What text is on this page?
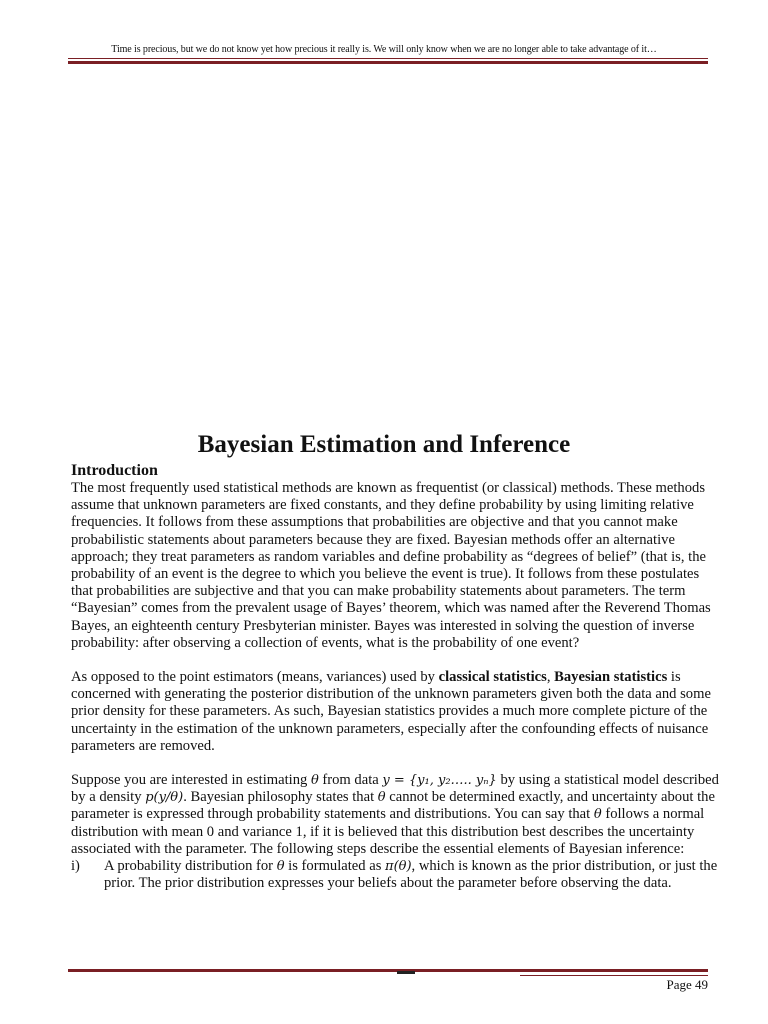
Time is precious, but we do not know yet how precious it really is. We will only know when we are no longer able to take advantage of it…
Bayesian Estimation and Inference

Introduction

The most frequently used statistical methods are known as frequentist (or classical) methods. These methods assume that unknown parameters are fixed constants, and they define probability by using limiting relative frequencies. It follows from these assumptions that probabilities are objective and that you cannot make probabilistic statements about parameters because they are fixed. Bayesian methods offer an alternative approach; they treat parameters as random variables and define probability as “degrees of belief” (that is, the probability of an event is the degree to which you believe the event is true). It follows from these postulates that probabilities are subjective and that you can make probability statements about parameters. The term “Bayesian” comes from the prevalent usage of Bayes’ theorem, which was named after the Reverend Thomas Bayes, an eighteenth century Presbyterian minister. Bayes was interested in solving the question of inverse probability: after observing a collection of events, what is the probability of one event?

As opposed to the point estimators (means, variances) used by classical statistics, Bayesian statistics is concerned with generating the posterior distribution of the unknown parameters given both the data and some prior density for these parameters. As such, Bayesian statistics provides a much more complete picture of the uncertainty in the estimation of the unknown parameters, especially after the confounding effects of nuisance parameters are removed.

Suppose you are interested in estimating θ from data y = {y₁, y₂….. yₙ} by using a statistical model described by a density p(y/θ). Bayesian philosophy states that θ cannot be determined exactly, and uncertainty about the parameter is expressed through probability statements and distributions. You can say that θ follows a normal distribution with mean 0 and variance 1, if it is believed that this distribution best describes the uncertainty associated with the parameter. The following steps describe the essential elements of Bayesian inference:

i) A probability distribution for θ is formulated as π(θ), which is known as the prior distribution, or just the prior. The prior distribution expresses your beliefs about the parameter before observing the data.

Page 49
